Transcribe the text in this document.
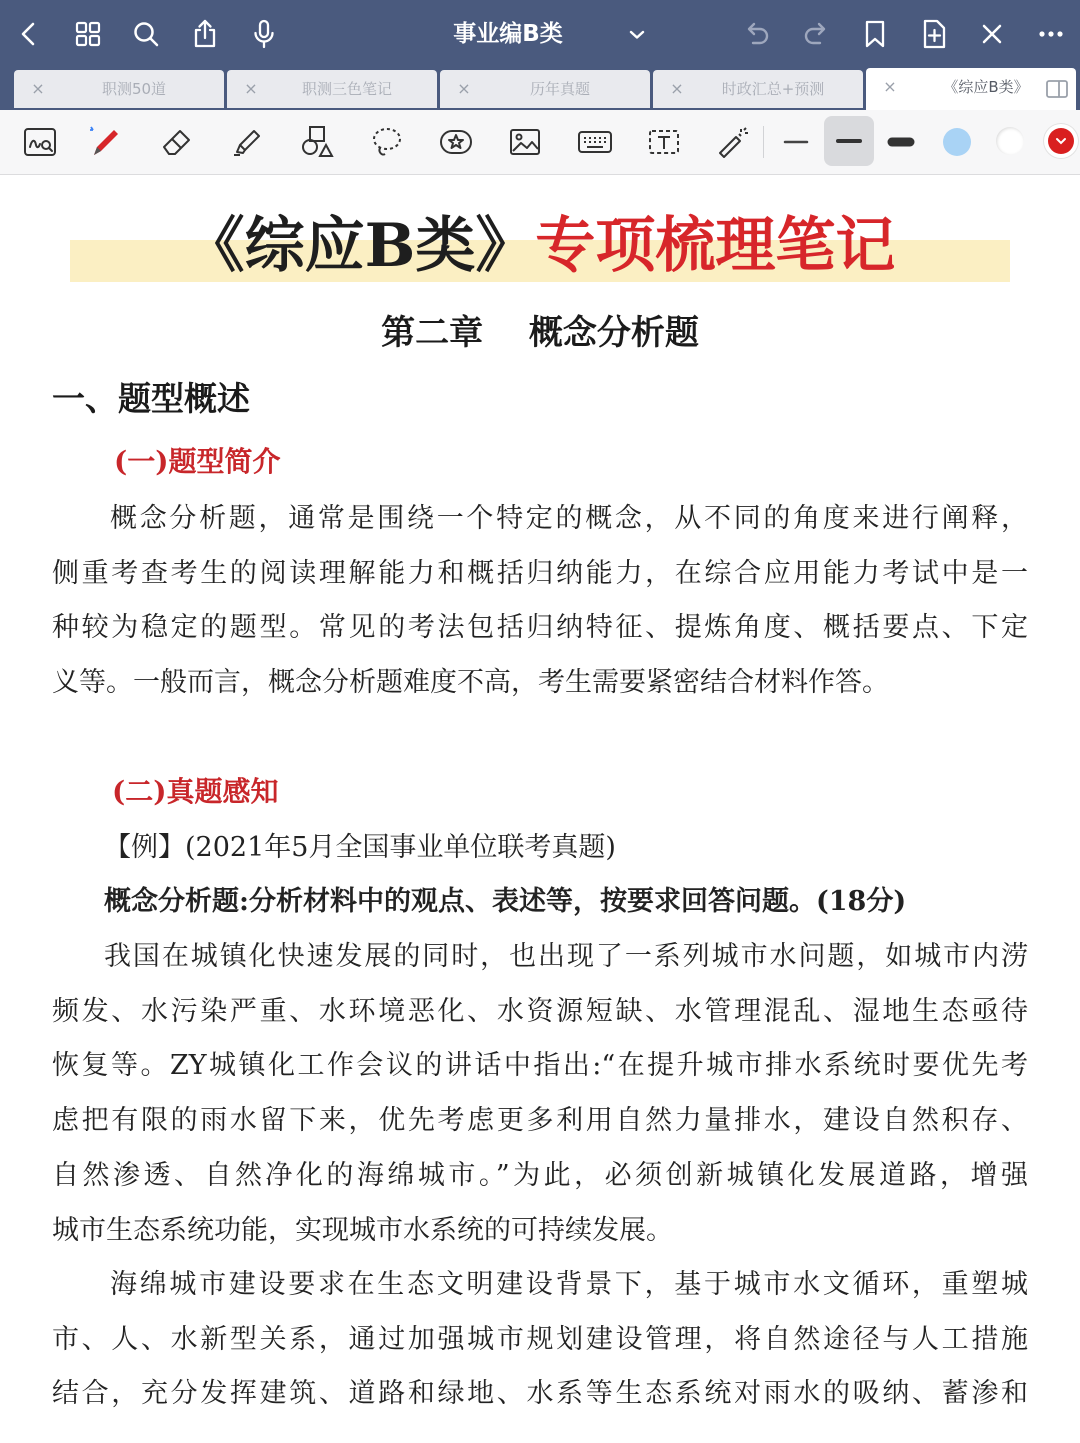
事业编B类
×	职测50道	×	职测三色笔记	×	历年真题	×	时政汇总+预测	×	《综应B类》
《综应B类》专项梳理笔记
第二章　 概念分析题
一、题型概述
(一)题型简介
概念分析题，通常是围绕一个特定的概念，从不同的角度来进行阐释，
侧重考查考生的阅读理解能力和概括归纳能力，在综合应用能力考试中是一
种较为稳定的题型。常见的考法包括归纳特征、提炼角度、概括要点、下定
义等。一般而言，概念分析题难度不高，考生需要紧密结合材料作答。
(二)真题感知
【例】(2021年5月全国事业单位联考真题)
概念分析题:分析材料中的观点、表述等，按要求回答问题。(18分)
我国在城镇化快速发展的同时，也出现了一系列城市水问题，如城市内涝
频发、水污染严重、水环境恶化、水资源短缺、水管理混乱、湿地生态亟待
恢复等。ZY城镇化工作会议的讲话中指出:“在提升城市排水系统时要优先考
虑把有限的雨水留下来，优先考虑更多利用自然力量排水，建设自然积存、
自然渗透、自然净化的海绵城市。”为此，必须创新城镇化发展道路，增强
城市生态系统功能，实现城市水系统的可持续发展。
海绵城市建设要求在生态文明建设背景下，基于城市水文循环，重塑城
市、人、水新型关系，通过加强城市规划建设管理，将自然途径与人工措施
结合，充分发挥建筑、道路和绿地、水系等生态系统对雨水的吸纳、蓄渗和
